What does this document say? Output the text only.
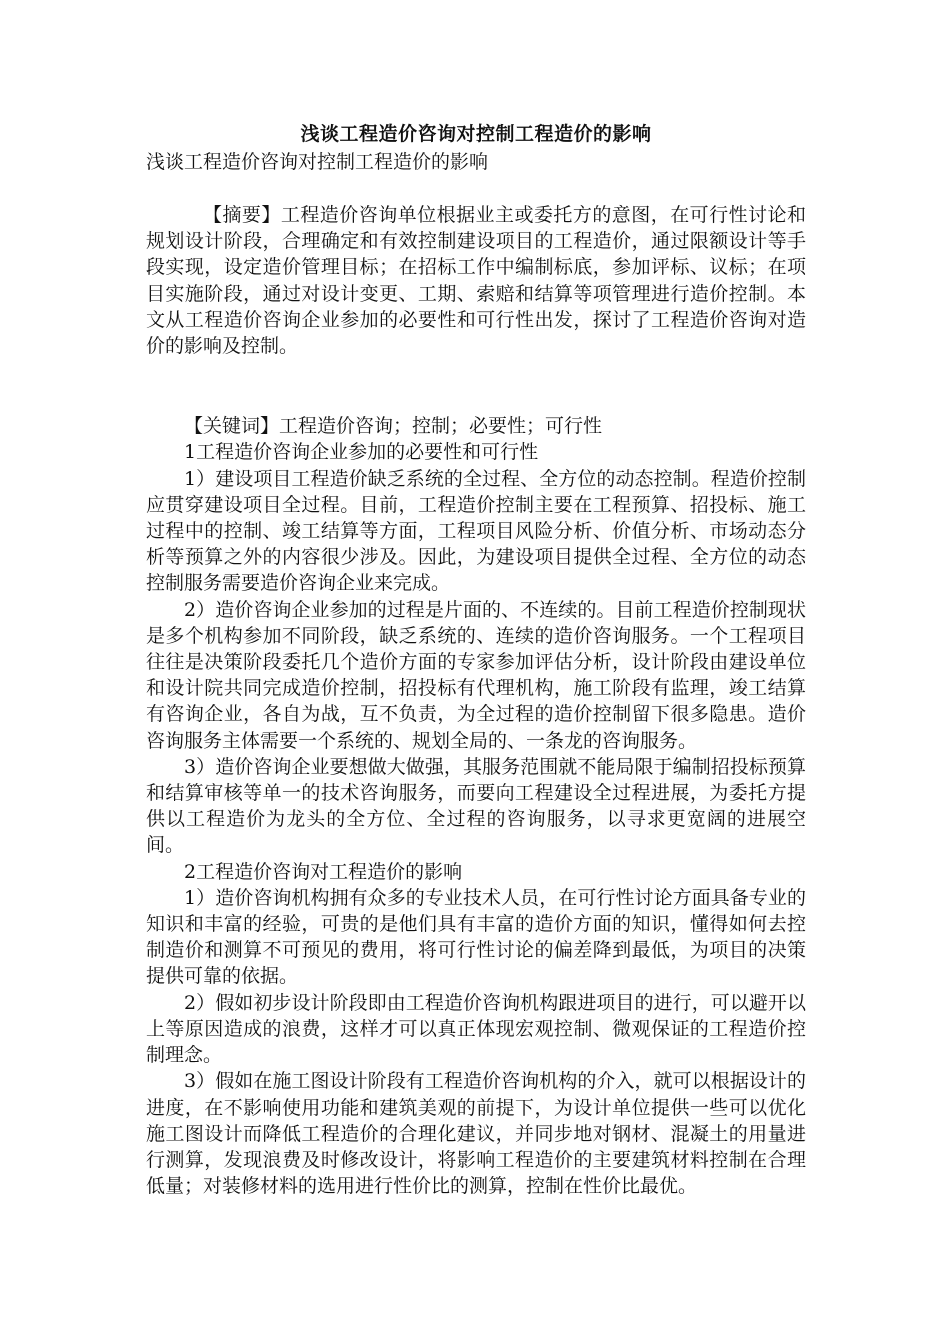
浅谈工程造价咨询对控制工程造价的影响

浅谈工程造价咨询对控制工程造价的影响

【摘要】工程造价咨询单位根据业主或委托方的意图，在可行性讨论和规划设计阶段，合理确定和有效控制建设项目的工程造价，通过限额设计等手段实现，设定造价管理目标；在招标工作中编制标底，参加评标、议标；在项目实施阶段，通过对设计变更、工期、索赔和结算等项管理进行造价控制。本文从工程造价咨询企业参加的必要性和可行性出发，探讨了工程造价咨询对造价的影响及控制。

【关键词】工程造价咨询；控制；必要性；可行性

1工程造价咨询企业参加的必要性和可行性

1）建设项目工程造价缺乏系统的全过程、全方位的动态控制。程造价控制应贯穿建设项目全过程。目前，工程造价控制主要在工程预算、招投标、施工过程中的控制、竣工结算等方面，工程项目风险分析、价值分析、市场动态分析等预算之外的内容很少涉及。因此，为建设项目提供全过程、全方位的动态控制服务需要造价咨询企业来完成。

2）造价咨询企业参加的过程是片面的、不连续的。目前工程造价控制现状是多个机构参加不同阶段，缺乏系统的、连续的造价咨询服务。一个工程项目往往是决策阶段委托几个造价方面的专家参加评估分析，设计阶段由建设单位和设计院共同完成造价控制，招投标有代理机构，施工阶段有监理，竣工结算有咨询企业，各自为战，互不负责，为全过程的造价控制留下很多隐患。造价咨询服务主体需要一个系统的、规划全局的、一条龙的咨询服务。

3）造价咨询企业要想做大做强，其服务范围就不能局限于编制招投标预算和结算审核等单一的技术咨询服务，而要向工程建设全过程进展，为委托方提供以工程造价为龙头的全方位、全过程的咨询服务，以寻求更宽阔的进展空间。

2工程造价咨询对工程造价的影响

1）造价咨询机构拥有众多的专业技术人员，在可行性讨论方面具备专业的知识和丰富的经验，可贵的是他们具有丰富的造价方面的知识，懂得如何去控制造价和测算不可预见的费用，将可行性讨论的偏差降到最低，为项目的决策提供可靠的依据。

2）假如初步设计阶段即由工程造价咨询机构跟进项目的进行，可以避开以上等原因造成的浪费，这样才可以真正体现宏观控制、微观保证的工程造价控制理念。

3）假如在施工图设计阶段有工程造价咨询机构的介入，就可以根据设计的进度，在不影响使用功能和建筑美观的前提下，为设计单位提供一些可以优化施工图设计而降低工程造价的合理化建议，并同步地对钢材、混凝土的用量进行测算，发现浪费及时修改设计，将影响工程造价的主要建筑材料控制在合理低量；对装修材料的选用进行性价比的测算，控制在性价比最优。
